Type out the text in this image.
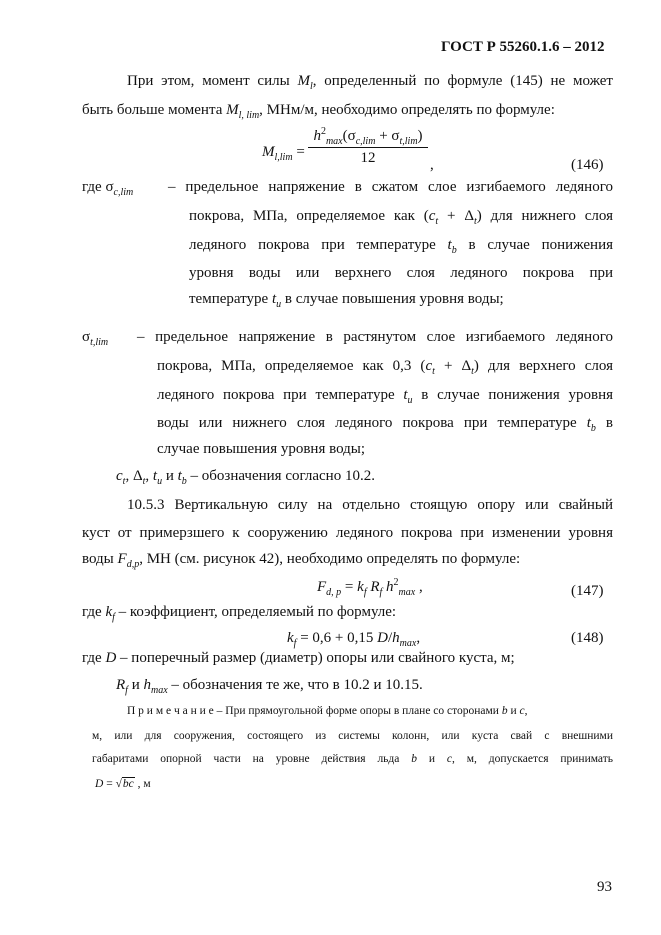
ГОСТ Р 55260.1.6 – 2012
При этом, момент силы $M_l$, определенный по формуле (145) не может
быть больше момента $M_{l, lim}$, МНм/м, необходимо определять по формуле:
$M_{l,lim}$ =
$h^2_{max}(\sigma_{c,lim} + \sigma_{t,lim})$
12	,	(146)
где $\sigma_{c,lim}$ – предельное напряжение в сжатом слое изгибаемого ледяного
покрова, МПа, определяемое как $(c_t + \Delta_t)$ для нижнего слоя
ледяного покрова при температуре $t_b$ в случае понижения
уровня воды или верхнего слоя ледяного покрова при
температуре $t_u$ в случае повышения уровня воды;
$\sigma_{t,lim}$ – предельное напряжение в растянутом слое изгибаемого ледяного
покрова, МПа, определяемое как 0,3 $(c_t + \Delta_t)$ для верхнего слоя
ледяного покрова при температуре $t_u$ в случае понижения уровня
воды или нижнего слоя ледяного покрова при температуре $t_b$ в
случае повышения уровня воды;
$c_t$, $\Delta_t$, $t_u$ и $t_b$ – обозначения согласно 10.2.
10.5.3 Вертикальную силу на отдельно стоящую опору или свайный
куст от примерзшего к сооружению ледяного покрова при изменении уровня
воды $F_{d,p}$, МН (см. рисунок 42), необходимо определять по формуле:
$F_{d, p} = k_f$ $R_f$ $h^2_{max}$ ,	(147)
где $k_f$ – коэффициент, определяемый по формуле:
$k_f = 0,6 + 0,15$ $D/h_{max}$,	(148)
где D – поперечный размер (диаметр) опоры или свайного куста, м;
$R_f$ и $h_{max}$ – обозначения те же, что в 10.2 и 10.15.
П р и м е ч а н и е – При прямоугольной форме опоры в плане со сторонами b и c,
м, или для сооружения, состоящего из системы колонн, или куста свай с внешними
габаритами опорной части на уровне действия льда b и c, м, допускается принимать
D = √bc , м
93
